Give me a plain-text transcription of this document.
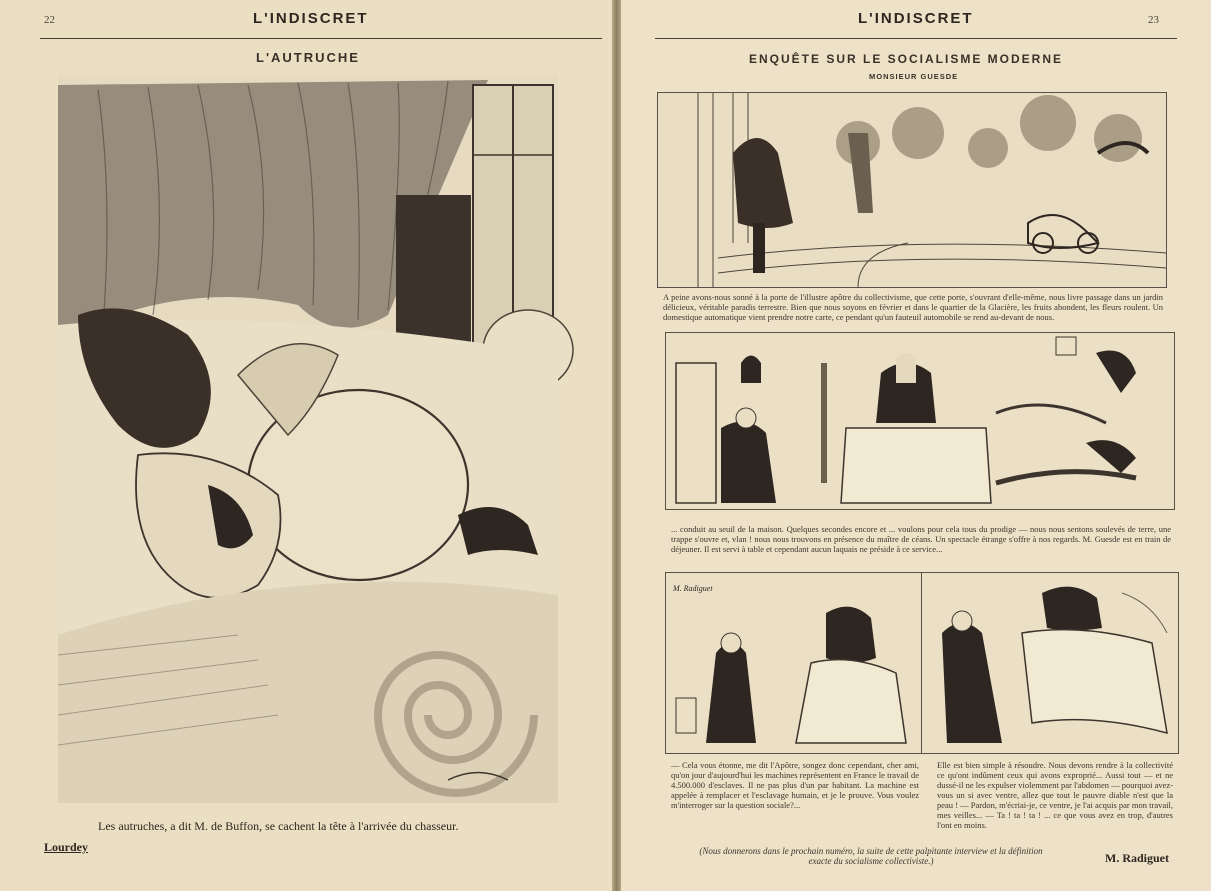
22	L'INDISCRET
L'AUTRUCHE
Les autruches, a dit M. de Buffon, se cachent la tête à l'arrivée du chasseur.
Lourdey
L'INDISCRET	23
ENQUÊTE SUR LE SOCIALISME MODERNE
MONSIEUR GUESDE
A peine avons-nous sonné à la porte de l'illustre apôtre du collectivisme, que cette porte, s'ouvrant d'elle-même, nous livre passage dans un jardin délicieux, véritable paradis terrestre. Bien que nous soyons en février et dans le quartier de la Glacière, les fruits abondent, les fleurs roulent. Un domestique automatique vient prendre notre carte, ce pendant qu'un fauteuil automobile se rend au-devant de nous.
... conduit au seuil de la maison. Quelques secondes encore et ... voulons pour cela tous du prodige — nous nous sentons soulevés de terre, une trappe s'ouvre et, vlan ! nous nous trouvons en présence du maître de céans. Un spectacle étrange s'offre à nos regards. M. Guesde est en train de déjeuner. Il est servi à table et cependant aucun laquais ne préside à ce service...
M. Radiguet
— Cela vous étonne, me dit l'Apôtre, songez donc cependant, cher ami, qu'on jour d'aujourd'hui les machines représentent en France le travail de 4.500.000 d'esclaves. Il ne pas plus d'un par habitant. La machine est appelée à remplacer et l'esclavage humain, et je le prouve. Vous voulez m'interroger sur la question sociale?...
Elle est bien simple à résoudre. Nous devons rendre à la collectivité ce qu'ont indûment ceux qui avons exproprié... Aussi tout — et ne dussé-il ne les expulser violemment par l'abdomen — pourquoi avez-vous un si avec ventre, allez que tout le pauvre diable n'est que la peau ! — Pardon, m'écriai-je, ce ventre, je l'ai acquis par mon travail, mes veilles... — Ta ! ta ! ta ! ... ce que vous avez en trop, d'autres l'ont en moins.
(Nous donnerons dans le prochain numéro, la suite de cette palpitante interview et la définition exacte du socialisme collectiviste.)	M. Radiguet
